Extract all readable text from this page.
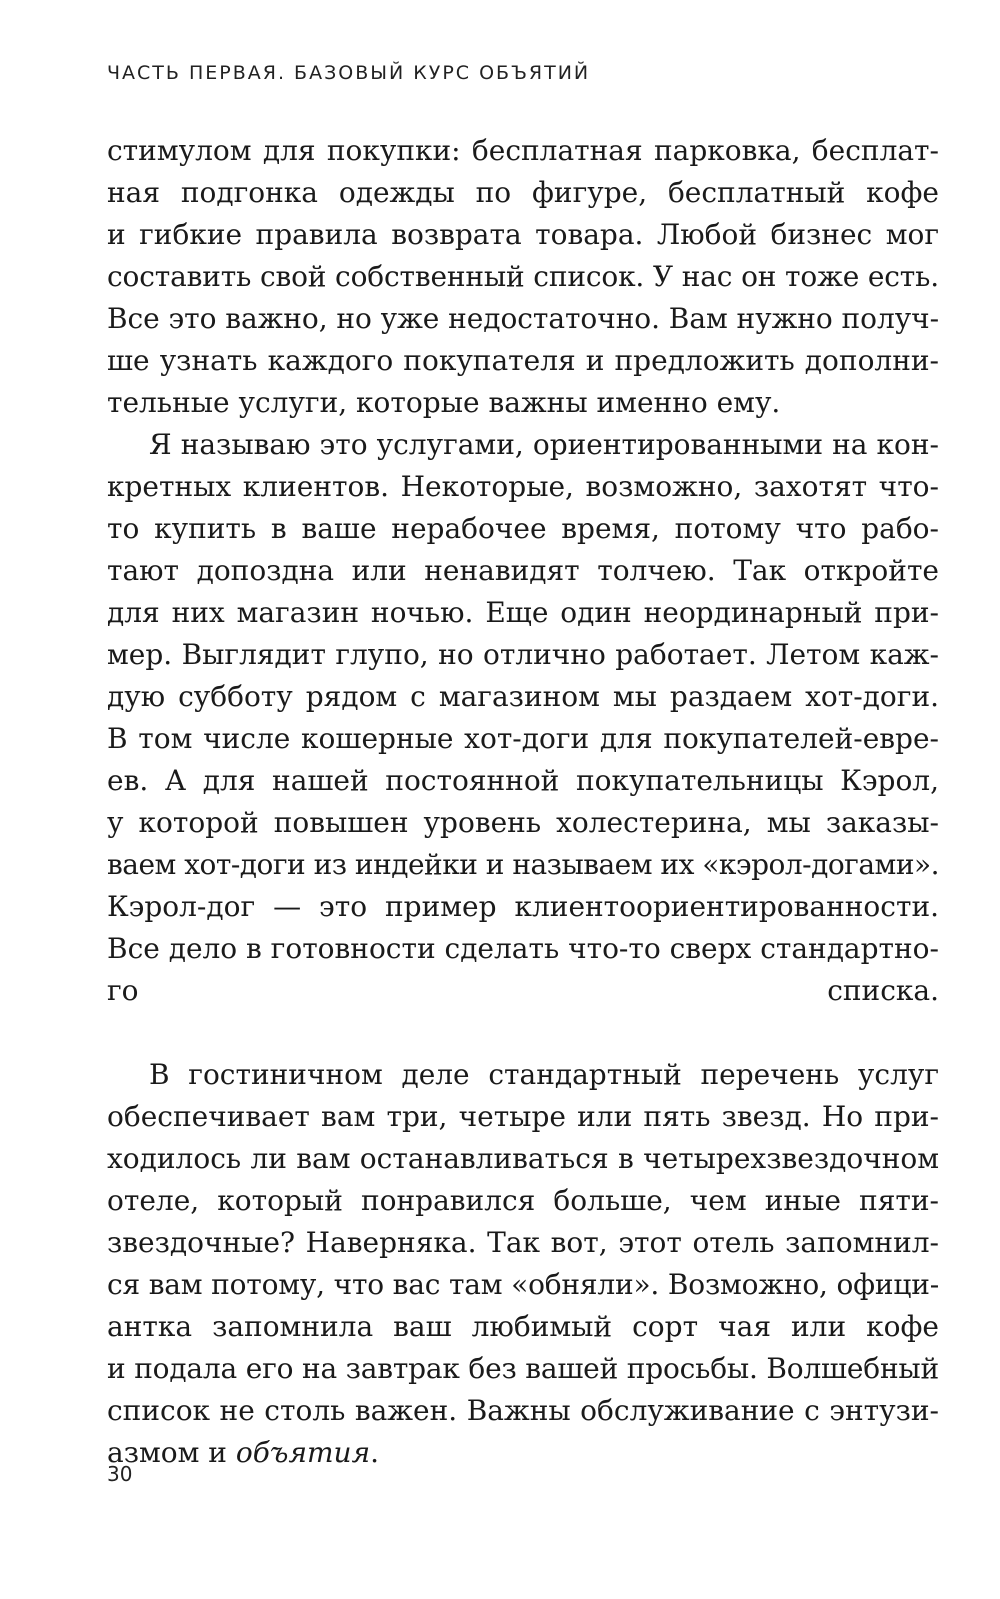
ЧАСТЬ ПЕРВАЯ. БАЗОВЫЙ КУРС ОБЪЯТИЙ
стимулом для покупки: бесплатная парковка, бесплат-
ная подгонка одежды по фигуре, бесплатный кофе
и гибкие правила возврата товара. Любой бизнес мог
составить свой собственный список. У нас он тоже есть.
Все это важно, но уже недостаточно. Вам нужно получ-
ше узнать каждого покупателя и предложить дополни-
тельные услуги, которые важны именно ему.
Я называю это услугами, ориентированными на кон-
кретных клиентов. Некоторые, возможно, захотят что-
то купить в ваше нерабочее время, потому что рабо-
тают допоздна или ненавидят толчею. Так откройте
для них магазин ночью. Еще один неординарный при-
мер. Выглядит глупо, но отлично работает. Летом каж-
дую субботу рядом с магазином мы раздаем хот-доги.
В том числе кошерные хот-доги для покупателей-евре-
ев. А для нашей постоянной покупательницы Кэрол,
у которой повышен уровень холестерина, мы заказы-
ваем хот-доги из индейки и называем их «кэрол-догами».
Кэрол-дог — это пример клиентоориентированности.
Все дело в готовности сделать что-то сверх стандартно-
го списка.
В гостиничном деле стандартный перечень услуг
обеспечивает вам три, четыре или пять звезд. Но при-
ходилось ли вам останавливаться в четырехзвездочном
отеле, который понравился больше, чем иные пяти-
звездочные? Наверняка. Так вот, этот отель запомнил-
ся вам потому, что вас там «обняли». Возможно, офици-
антка запомнила ваш любимый сорт чая или кофе
и подала его на завтрак без вашей просьбы. Волшебный
список не столь важен. Важны обслуживание с энтузи-
азмом и объятия.
30
